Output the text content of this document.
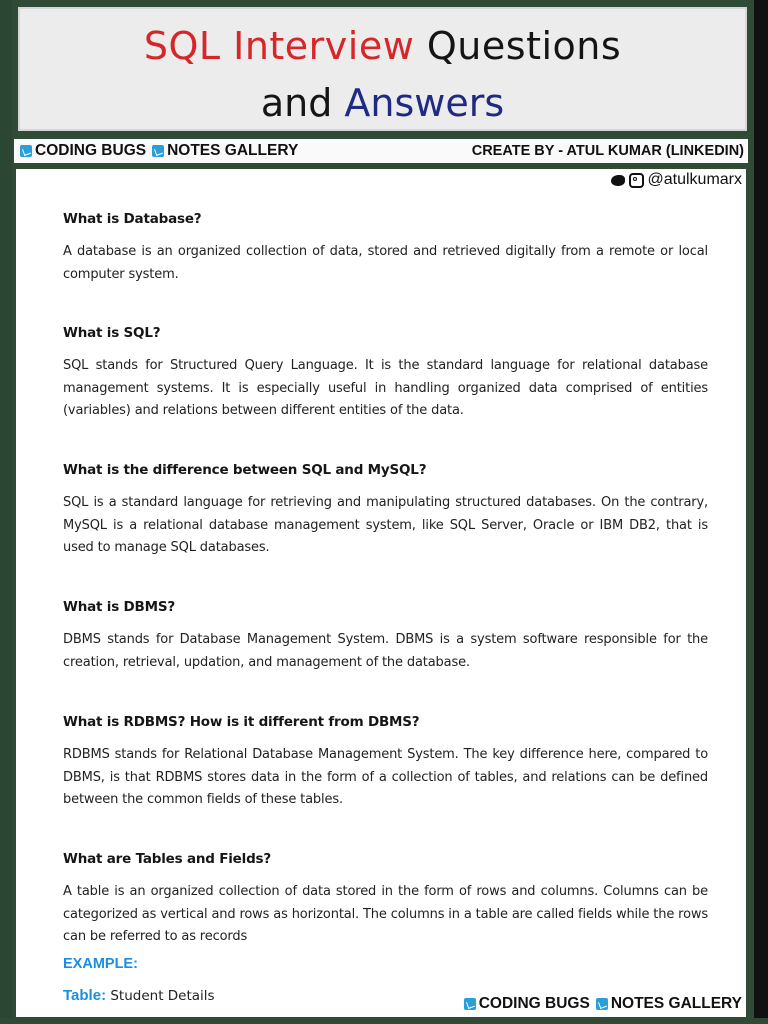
SQL Interview Questions
and Answers
CODING BUGS NOTES GALLERY	CREATE BY - ATUL KUMAR (LINKEDIN)
@atulkumarx

What is Database?

A database is an organized collection of data, stored and retrieved digitally from a remote or local computer system.

What is SQL?

SQL stands for Structured Query Language. It is the standard language for relational database management systems. It is especially useful in handling organized data comprised of entities (variables) and relations between different entities of the data.

What is the difference between SQL and MySQL?

SQL is a standard language for retrieving and manipulating structured databases. On the contrary, MySQL is a relational database management system, like SQL Server, Oracle or IBM DB2, that is used to manage SQL databases.

What is DBMS?

DBMS stands for Database Management System. DBMS is a system software responsible for the creation, retrieval, updation, and management of the database.

What is RDBMS? How is it different from DBMS?

RDBMS stands for Relational Database Management System. The key difference here, compared to DBMS, is that RDBMS stores data in the form of a collection of tables, and relations can be defined between the common fields of these tables.

What are Tables and Fields?

A table is an organized collection of data stored in the form of rows and columns. Columns can be categorized as vertical and rows as horizontal. The columns in a table are called fields while the rows can be referred to as records

EXAMPLE:
Table: Student Details	CODING BUGS NOTES GALLERY
